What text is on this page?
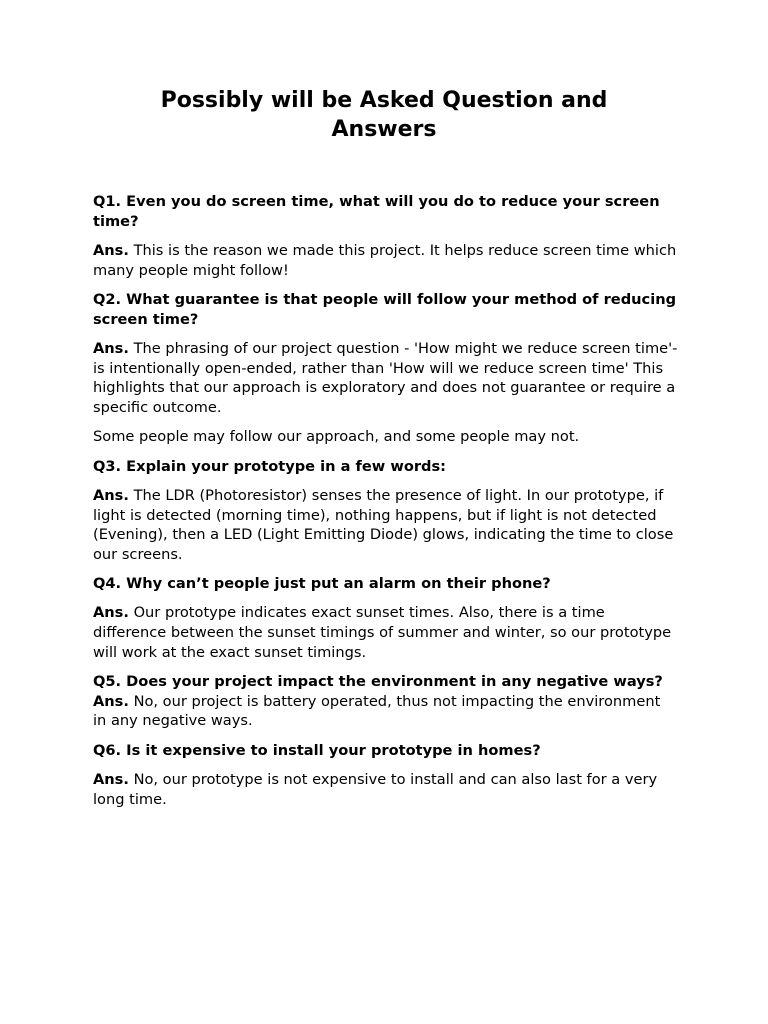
Possibly will be Asked Question and
Answers

Q1. Even you do screen time, what will you do to reduce your screen time?

Ans. This is the reason we made this project. It helps reduce screen time which many people might follow!

Q2. What guarantee is that people will follow your method of reducing screen time?

Ans. The phrasing of our project question - 'How might we reduce screen time'- is intentionally open-ended, rather than 'How will we reduce screen time' This highlights that our approach is exploratory and does not guarantee or require a specific outcome.

Some people may follow our approach, and some people may not.

Q3. Explain your prototype in a few words:

Ans. The LDR (Photoresistor) senses the presence of light. In our prototype, if light is detected (morning time), nothing happens, but if light is not detected (Evening), then a LED (Light Emitting Diode) glows, indicating the time to close our screens.

Q4. Why can’t people just put an alarm on their phone?

Ans. Our prototype indicates exact sunset times. Also, there is a time difference between the sunset timings of summer and winter, so our prototype will work at the exact sunset timings.

Q5. Does your project impact the environment in any negative ways?

Ans. No, our project is battery operated, thus not impacting the environment in any negative ways.

Q6. Is it expensive to install your prototype in homes?

Ans. No, our prototype is not expensive to install and can also last for a very long time.
